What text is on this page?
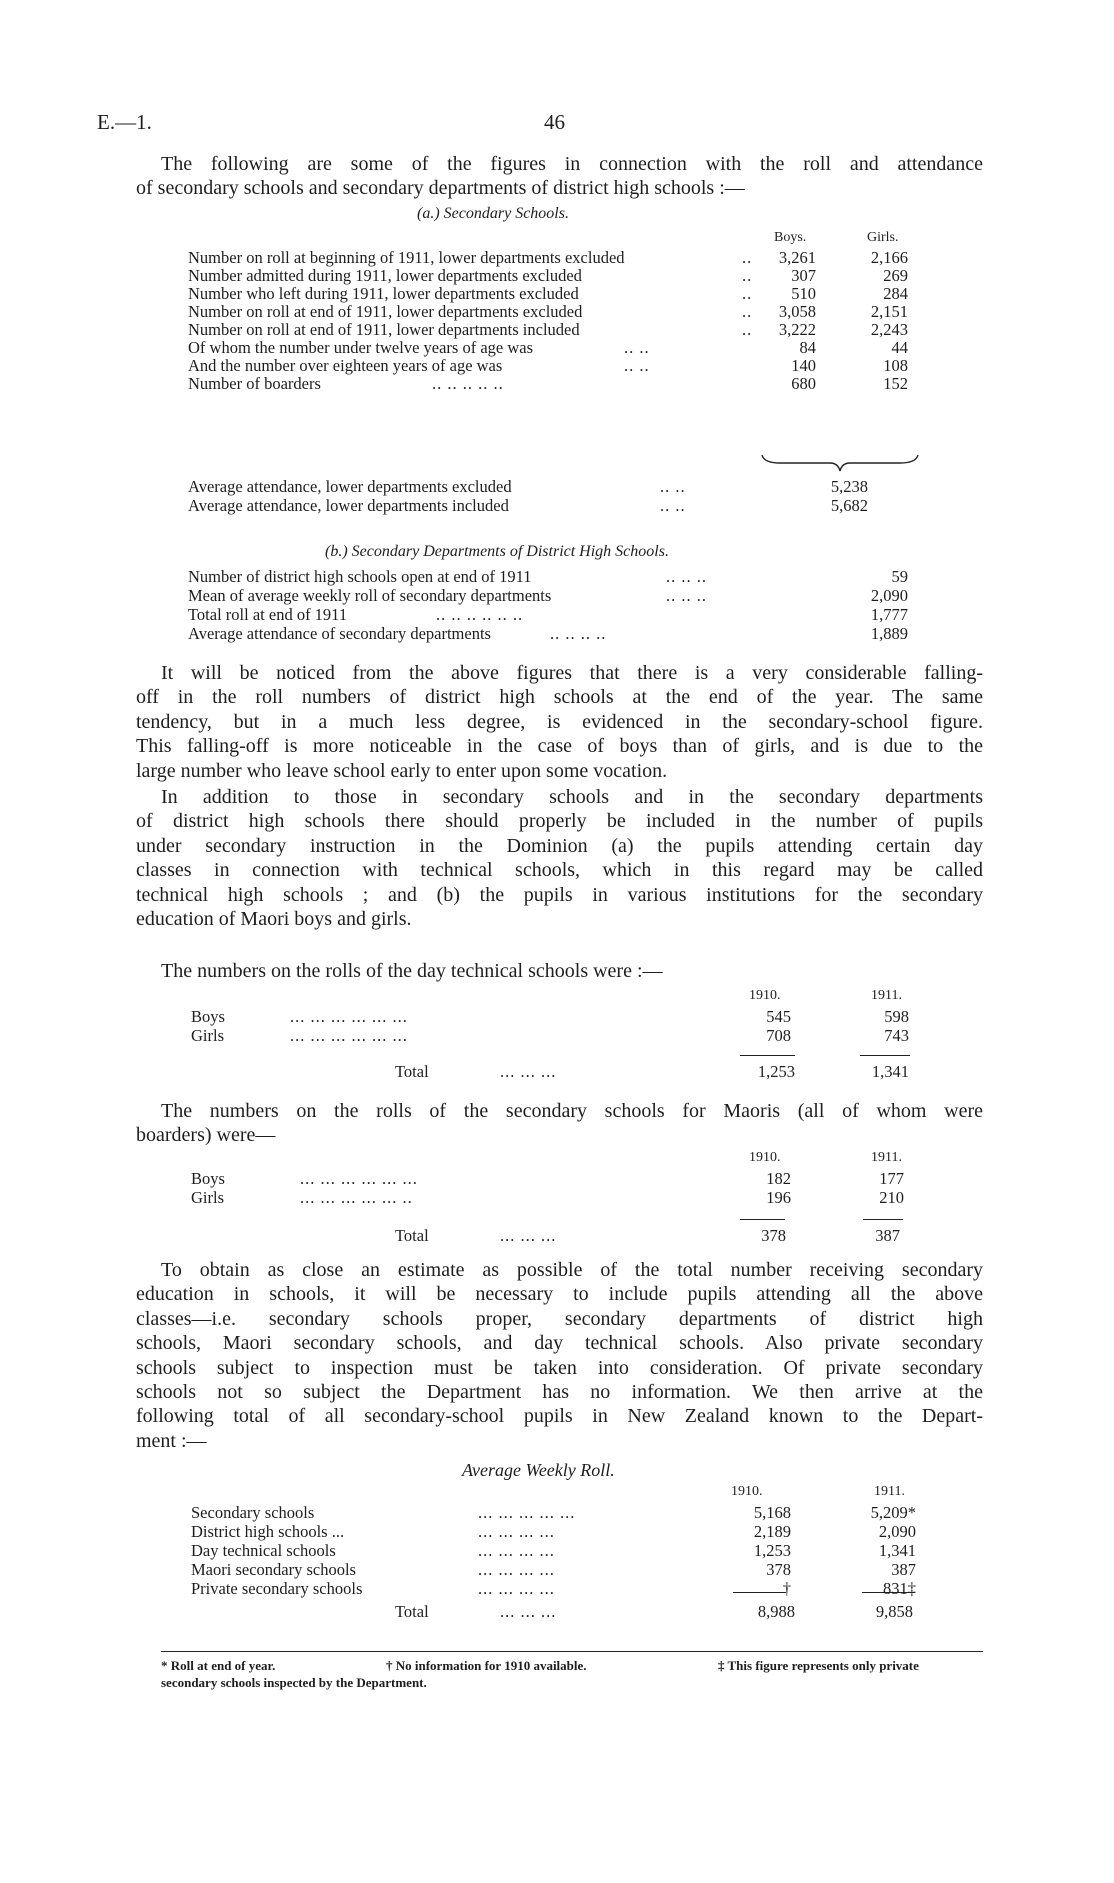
E.—1.	46
The following are some of the figures in connection with the roll and attendance
of secondary schools and secondary departments of district high schools :—
(a.) Secondary Schools.
Boys.	Girls.
Number on roll at beginning of 1911, lower departments excluded	..	3,261	2,166
Number admitted during 1911, lower departments excluded	..	307	269
Number who left during 1911, lower departments excluded	..	510	284
Number on roll at end of 1911, lower departments excluded	..	3,058	2,151
Number on roll at end of 1911, lower departments included	..	3,222	2,243
Of whom the number under twelve years of age was	.. ..	84	44
And the number over eighteen years of age was	.. ..	140	108
Number of boarders	.. .. .. .. ..	680	152
Average attendance, lower departments excluded	.. ..	5,238
Average attendance, lower departments included	.. ..	5,682
(b.) Secondary Departments of District High Schools.
Number of district high schools open at end of 1911	.. .. ..	59
Mean of average weekly roll of secondary departments	.. .. ..	2,090
Total roll at end of 1911	.. .. .. .. .. ..	1,777
Average attendance of secondary departments	.. .. .. ..	1,889
It will be noticed from the above figures that there is a very considerable falling-
off in the roll numbers of district high schools at the end of the year. The same
tendency, but in a much less degree, is evidenced in the secondary-school figure.
This falling-off is more noticeable in the case of boys than of girls, and is due to the
large number who leave school early to enter upon some vocation.
In addition to those in secondary schools and in the secondary departments
of district high schools there should properly be included in the number of pupils
under secondary instruction in the Dominion (a) the pupils attending certain day
classes in connection with technical schools, which in this regard may be called
technical high schools ; and (b) the pupils in various institutions for the secondary
education of Maori boys and girls.
The numbers on the rolls of the day technical schools were :—
1910.	1911.
Boys	... ... ... ... ... ...	545	598
Girls	... ... ... ... ... ...	708	743
Total	... ... ...	1,253	1,341
The numbers on the rolls of the secondary schools for Maoris (all of whom were
boarders) were—
1910.	1911.
Boys	... ... ... ... ... ...	182	177
Girls	... ... ... ... ... ..	196	210
Total	... ... ...	378	387
To obtain as close an estimate as possible of the total number receiving secondary
education in schools, it will be necessary to include pupils attending all the above
classes—i.e. secondary schools proper, secondary departments of district high
schools, Maori secondary schools, and day technical schools. Also private secondary
schools subject to inspection must be taken into consideration. Of private secondary
schools not so subject the Department has no information. We then arrive at the
following total of all secondary-school pupils in New Zealand known to the Depart-
ment :—
Average Weekly Roll.
1910.	1911.
Secondary schools	... ... ... ... ...	5,168	5,209*
District high schools ...	... ... ... ...	2,189	2,090
Day technical schools	... ... ... ...	1,253	1,341
Maori secondary schools	... ... ... ...	378	387
Private secondary schools	... ... ... ...	†	831‡
Total	... ... ...	8,988	9,858
* Roll at end of year.	† No information for 1910 available.	‡ This figure represents only private
secondary schools inspected by the Department.
